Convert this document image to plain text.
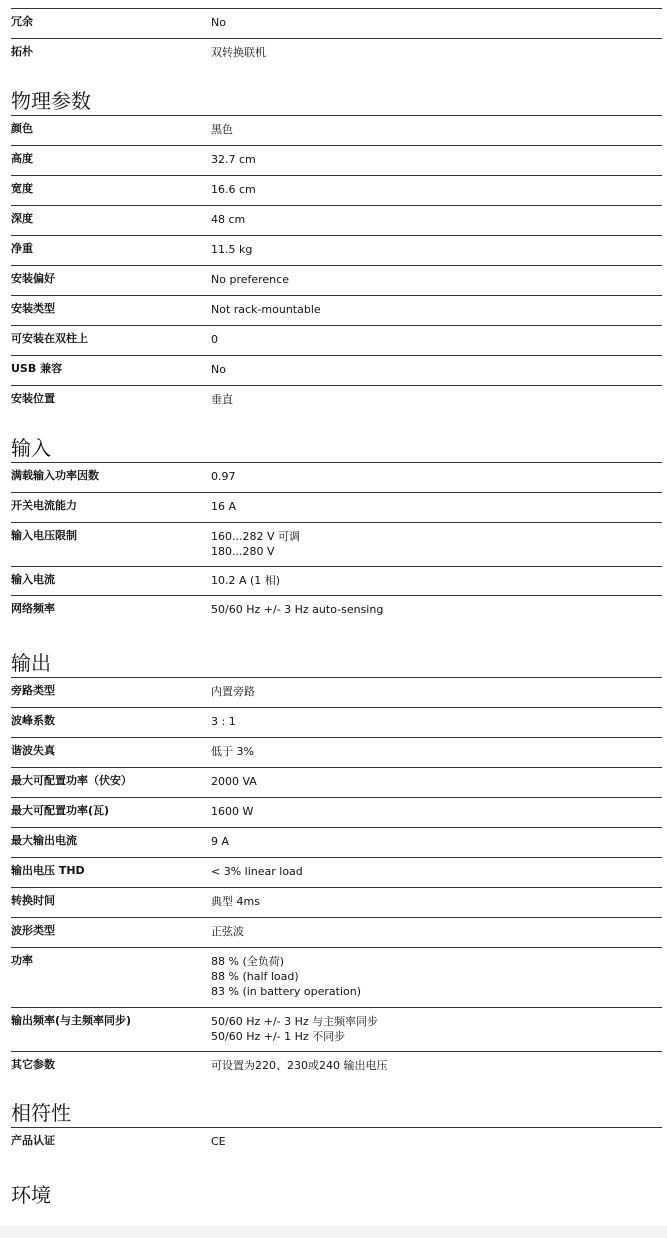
冗余	No
拓朴	双转换联机
物理参数
颜色	黑色
高度	32.7 cm
宽度	16.6 cm
深度	48 cm
净重	11.5 kg
安装偏好	No preference
安装类型	Not rack-mountable
可安装在双柱上	0
USB 兼容	No
安装位置	垂直
输入
满载输入功率因数	0.97
开关电流能力	16 A
输入电压限制	160...282 V 可调
180...280 V
输入电流	10.2 A (1 相)
网络频率	50/60 Hz +/- 3 Hz auto-sensing
输出
旁路类型	内置旁路
波峰系数	3 : 1
谐波失真	低于 3%
最大可配置功率（伏安）	2000 VA
最大可配置功率(瓦)	1600 W
最大输出电流	9 A
输出电压 THD	< 3% linear load
转换时间	典型 4ms
波形类型	正弦波
功率	88 % (全负荷)
88 % (half load)
83 % (in battery operation)
输出频率(与主频率同步)	50/60 Hz +/- 3 Hz 与主频率同步
50/60 Hz +/- 1 Hz 不同步
其它参数	可设置为220、230或240 输出电压
相符性
产品认证	CE
环境
